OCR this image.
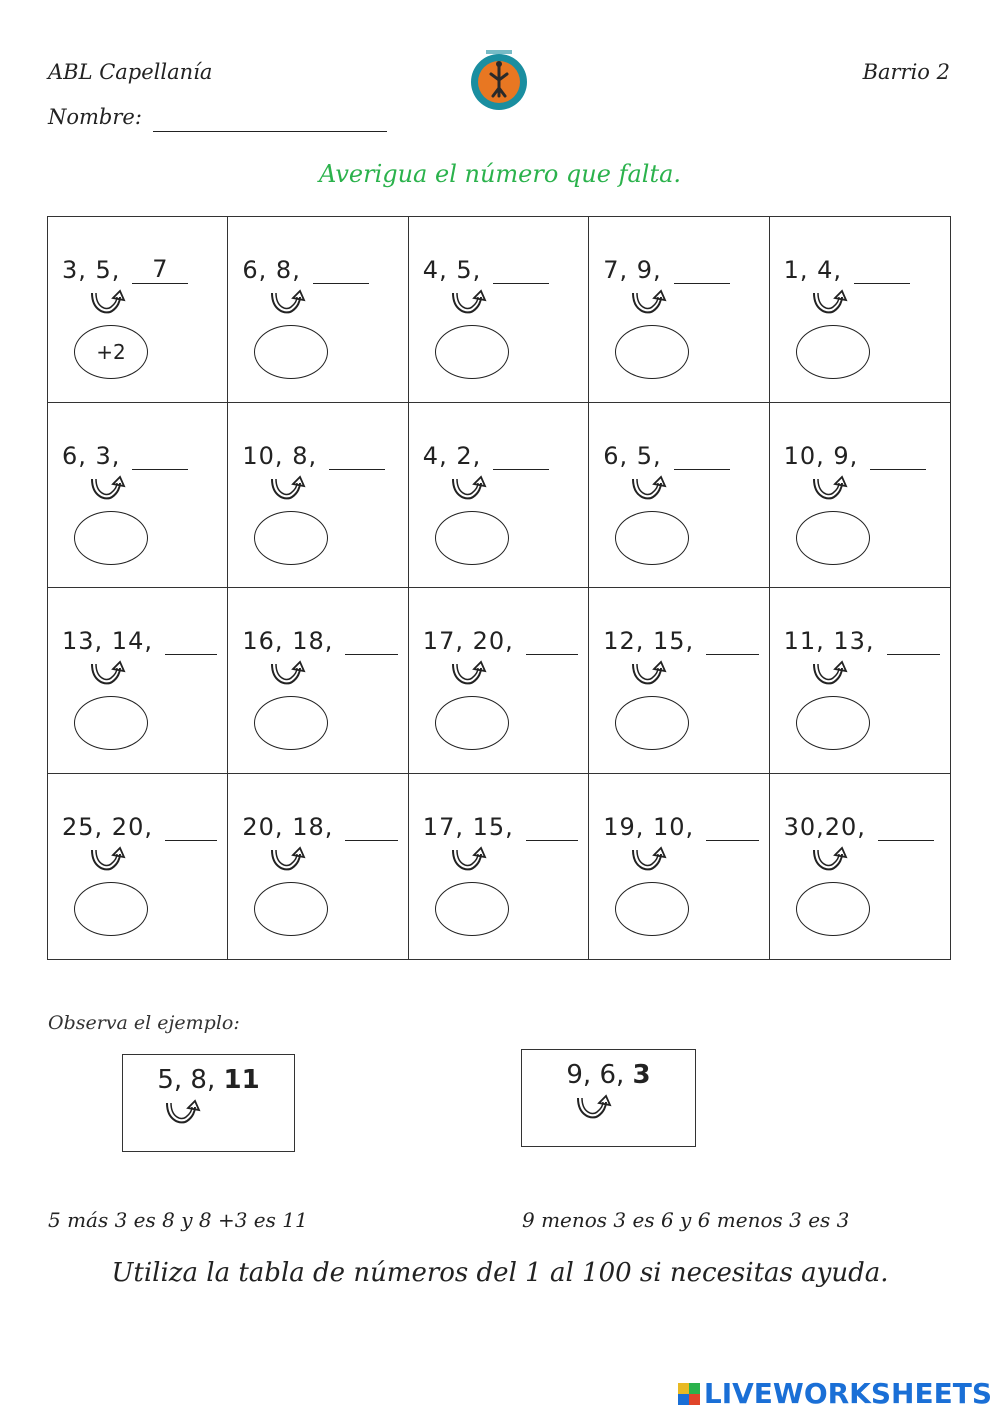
ABL Capellanía	Barrio 2
Nombre:
Averigua el número que falta.
3, 5,	7
+2
6, 8,	4, 5,	7, 9,	1, 4,
6, 3,	10, 8,	4, 2,	6, 5,	10, 9,
13, 14,	16, 18,	17, 20,	12, 15,	11, 13,
25, 20,	20, 18,	17, 15,	19, 10,	30,20,
Observa el ejemplo:
5, 8, 11	9, 6, 3
5 más 3 es 8 y 8 +3 es 11	9 menos 3 es 6 y 6 menos 3 es 3
Utiliza la tabla de números del 1 al 100 si necesitas ayuda.
LIVEWORKSHEETS
